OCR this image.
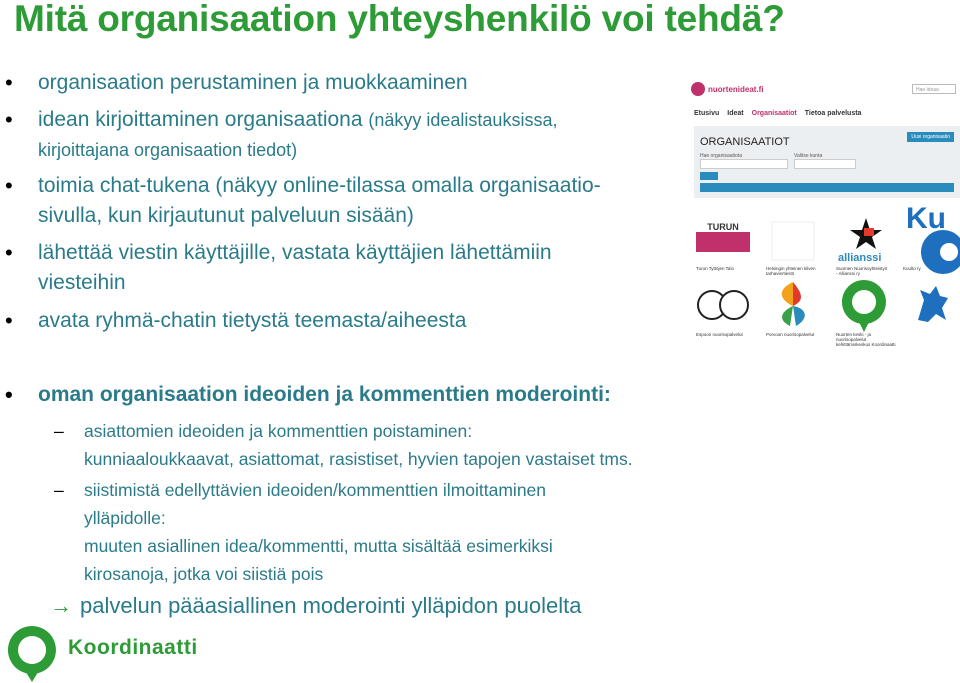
Mitä organisaation yhteyshenkilö voi tehdä?
• organisaation perustaminen ja muokkaaminen
• idean kirjoittaminen organisaationa (näkyy idealistauksissa,
kirjoittajana organisaation tiedot)
• toimia chat-tukena (näkyy online-tilassa omalla organisaatio-
sivulla, kun kirjautunut palveluun sisään)
• lähettää viestin käyttäjille, vastata käyttäjien lähettämiin
viesteihin
• avata ryhmä-chatin tietystä teemasta/aiheesta
• oman organisaation ideoiden ja kommenttien moderointi:
– asiattomien ideoiden ja kommenttien poistaminen:
kunniaaloukkaavat, asiattomat, rasistiset, hyvien tapojen vastaiset tms.
– siistimistä edellyttävien ideoiden/kommenttien ilmoittaminen
ylläpidolle:
muuten asiallinen idea/kommentti, mutta sisältää esimerkiksi
kirosanoja, jotka voi siistiä pois
→ palvelun pääasiallinen moderointi ylläpidon puolelta
nuortenideat.fi	Hae ideaa
Etusivu Ideat Organisaatiot Tietoa palvelusta
ORGANISAATIOT	Uusi organisaatio
Hae organisaatiota	Valitse kunta
TURUN
allianssi
Ku
Turun Tyttöjen Talo	Helsingin yhteinen kilven tarhaviertiestö
Suomen Nuorisoyhteistyö - Allianssi ry
Kuulto ry
Espoon nuorisopalvelut	Porvoon nuorisopalvelut	Nuorten keski - ja nuorisopalvelut kehittämiskeskus Koordinaatti
Koordinaatti
